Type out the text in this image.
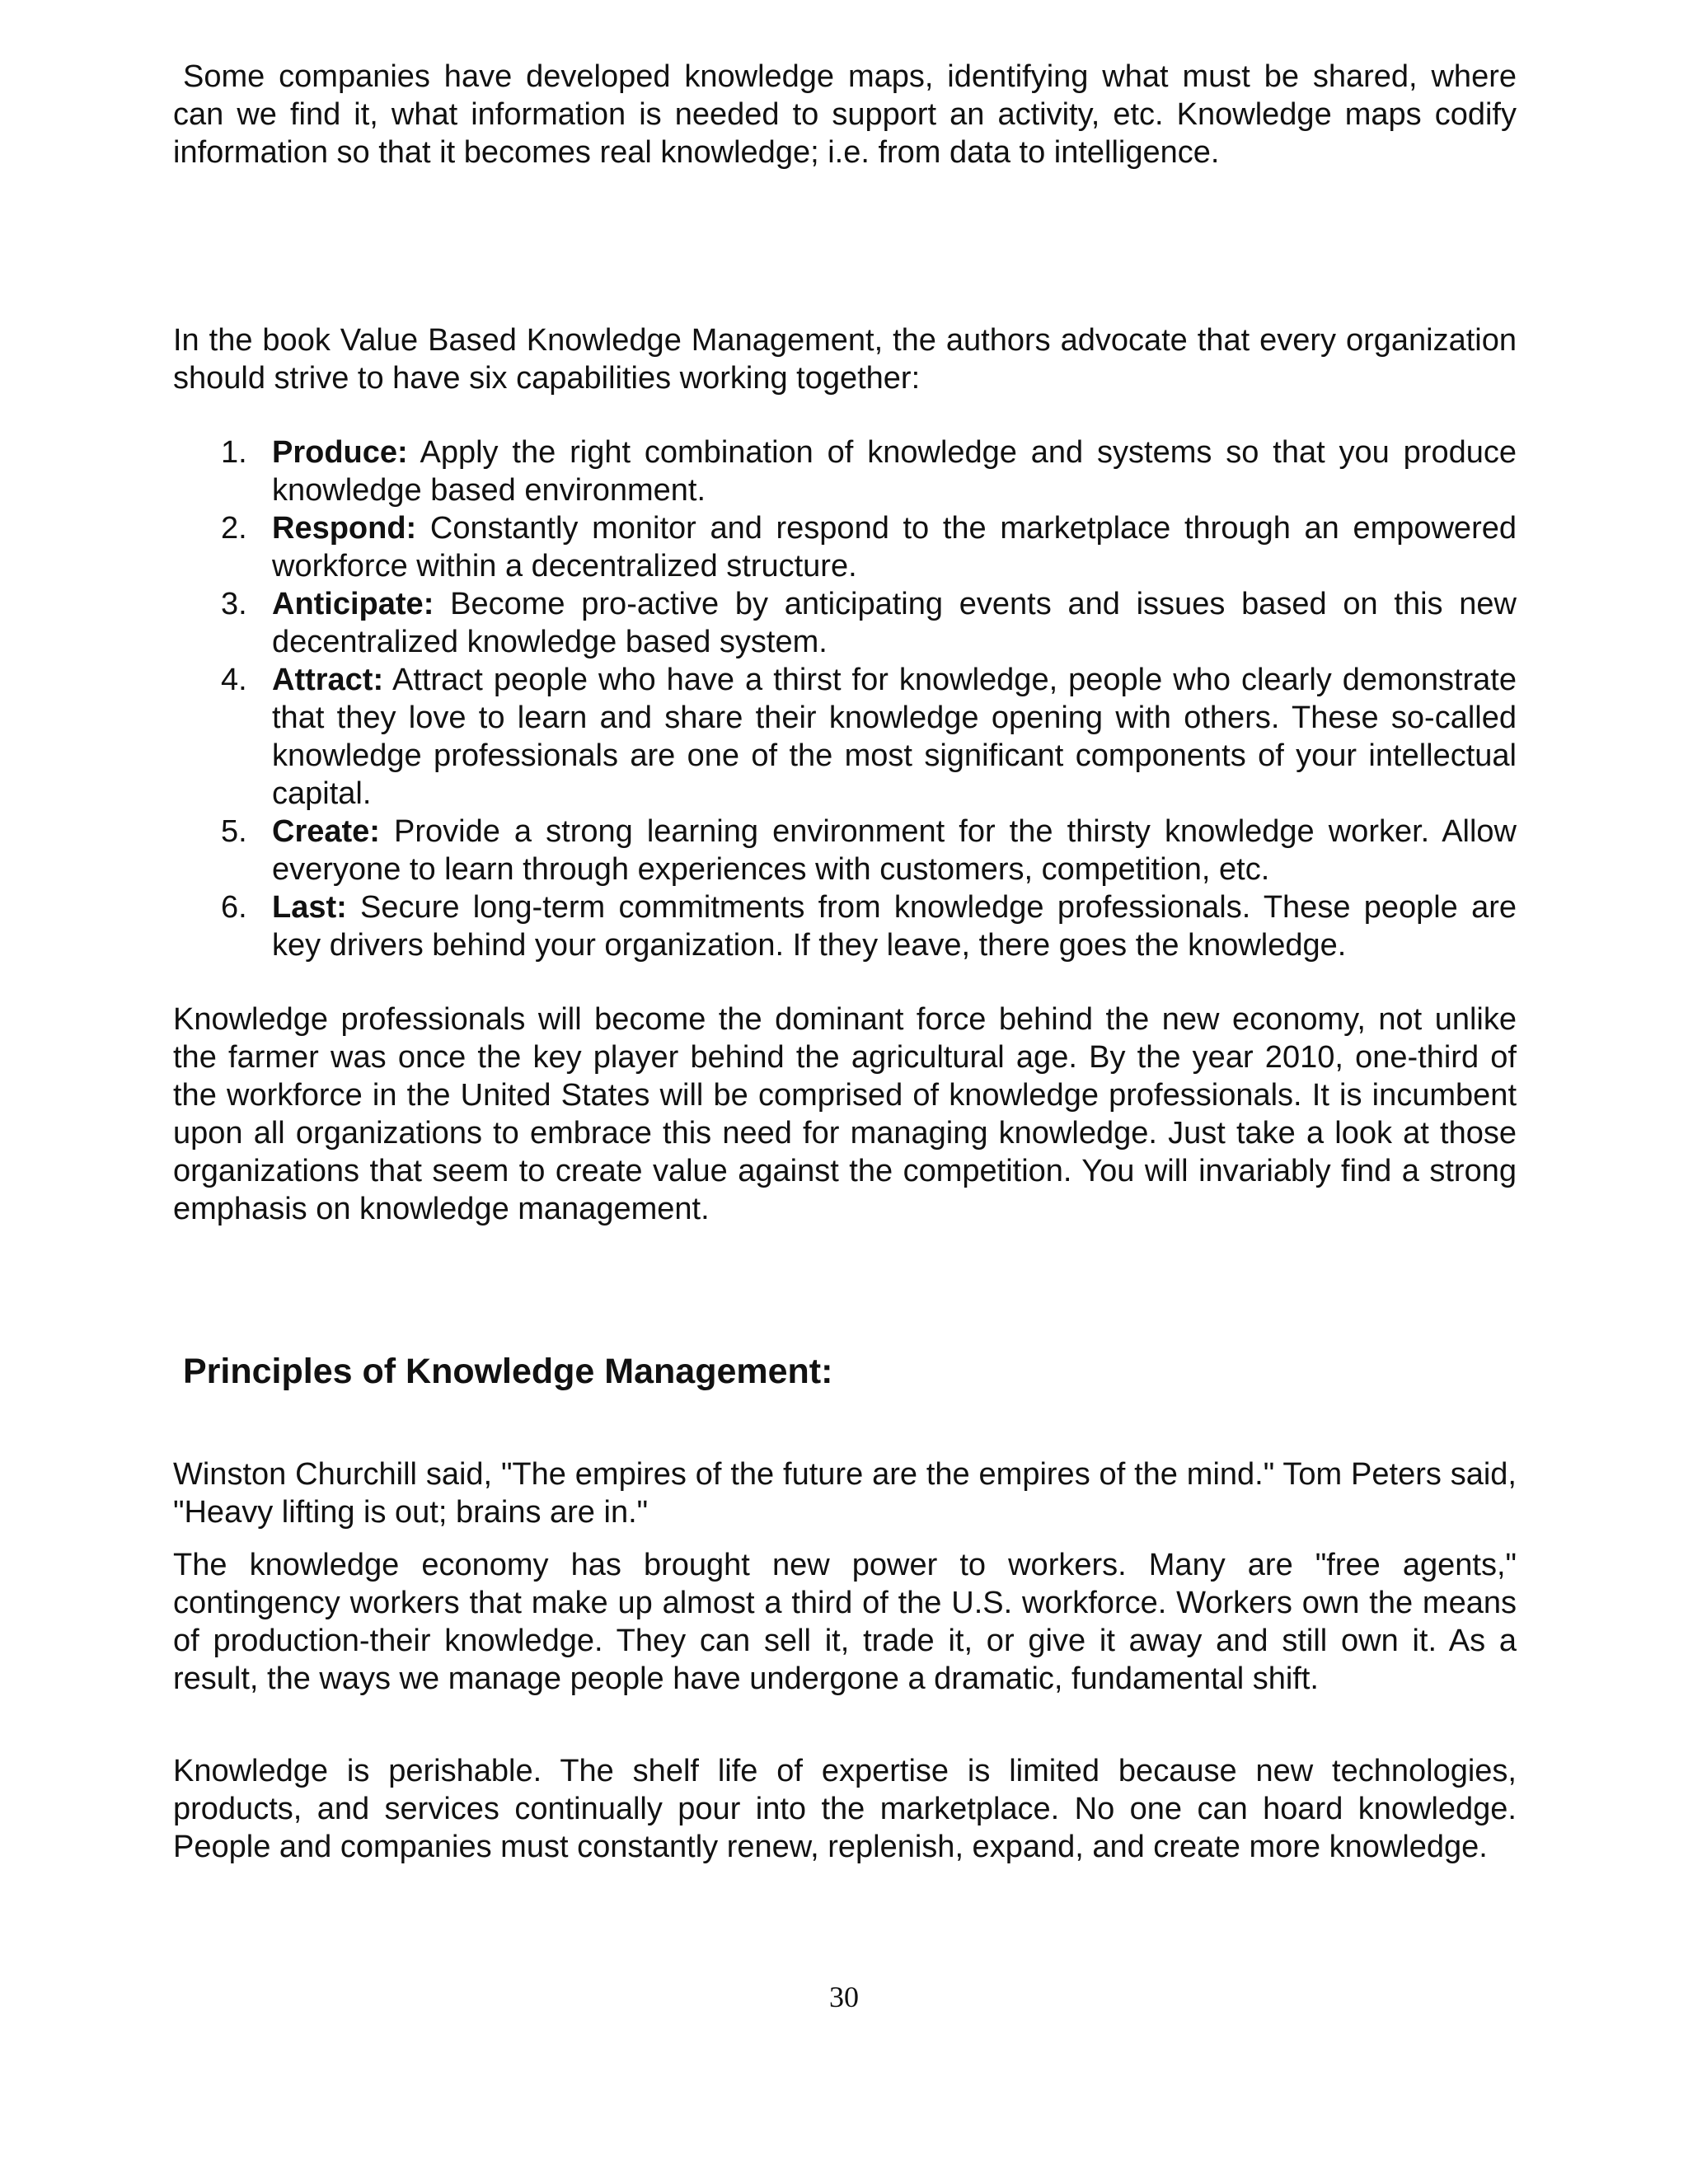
Some companies have developed knowledge maps, identifying what must be shared, where can we find it, what information is needed to support an activity, etc. Knowledge maps codify information so that it becomes real knowledge; i.e. from data to intelligence.

In the book Value Based Knowledge Management, the authors advocate that every organization should strive to have six capabilities working together:

1. Produce: Apply the right combination of knowledge and systems so that you produce knowledge based environment.
2. Respond: Constantly monitor and respond to the marketplace through an empowered workforce within a decentralized structure.
3. Anticipate: Become pro-active by anticipating events and issues based on this new decentralized knowledge based system.
4. Attract: Attract people who have a thirst for knowledge, people who clearly demonstrate that they love to learn and share their knowledge opening with others. These so-called knowledge professionals are one of the most significant components of your intellectual capital.
5. Create: Provide a strong learning environment for the thirsty knowledge worker. Allow everyone to learn through experiences with customers, competition, etc.
6. Last: Secure long-term commitments from knowledge professionals. These people are key drivers behind your organization. If they leave, there goes the knowledge.

Knowledge professionals will become the dominant force behind the new economy, not unlike the farmer was once the key player behind the agricultural age. By the year 2010, one-third of the workforce in the United States will be comprised of knowledge professionals. It is incumbent upon all organizations to embrace this need for managing knowledge. Just take a look at those organizations that seem to create value against the competition. You will invariably find a strong emphasis on knowledge management.

Principles of Knowledge Management:

Winston Churchill said, "The empires of the future are the empires of the mind." Tom Peters said, "Heavy lifting is out; brains are in."

The knowledge economy has brought new power to workers. Many are "free agents," contingency workers that make up almost a third of the U.S. workforce. Workers own the means of production-their knowledge. They can sell it, trade it, or give it away and still own it. As a result, the ways we manage people have undergone a dramatic, fundamental shift.

Knowledge is perishable. The shelf life of expertise is limited because new technologies, products, and services continually pour into the marketplace. No one can hoard knowledge. People and companies must constantly renew, replenish, expand, and create more knowledge.

30
